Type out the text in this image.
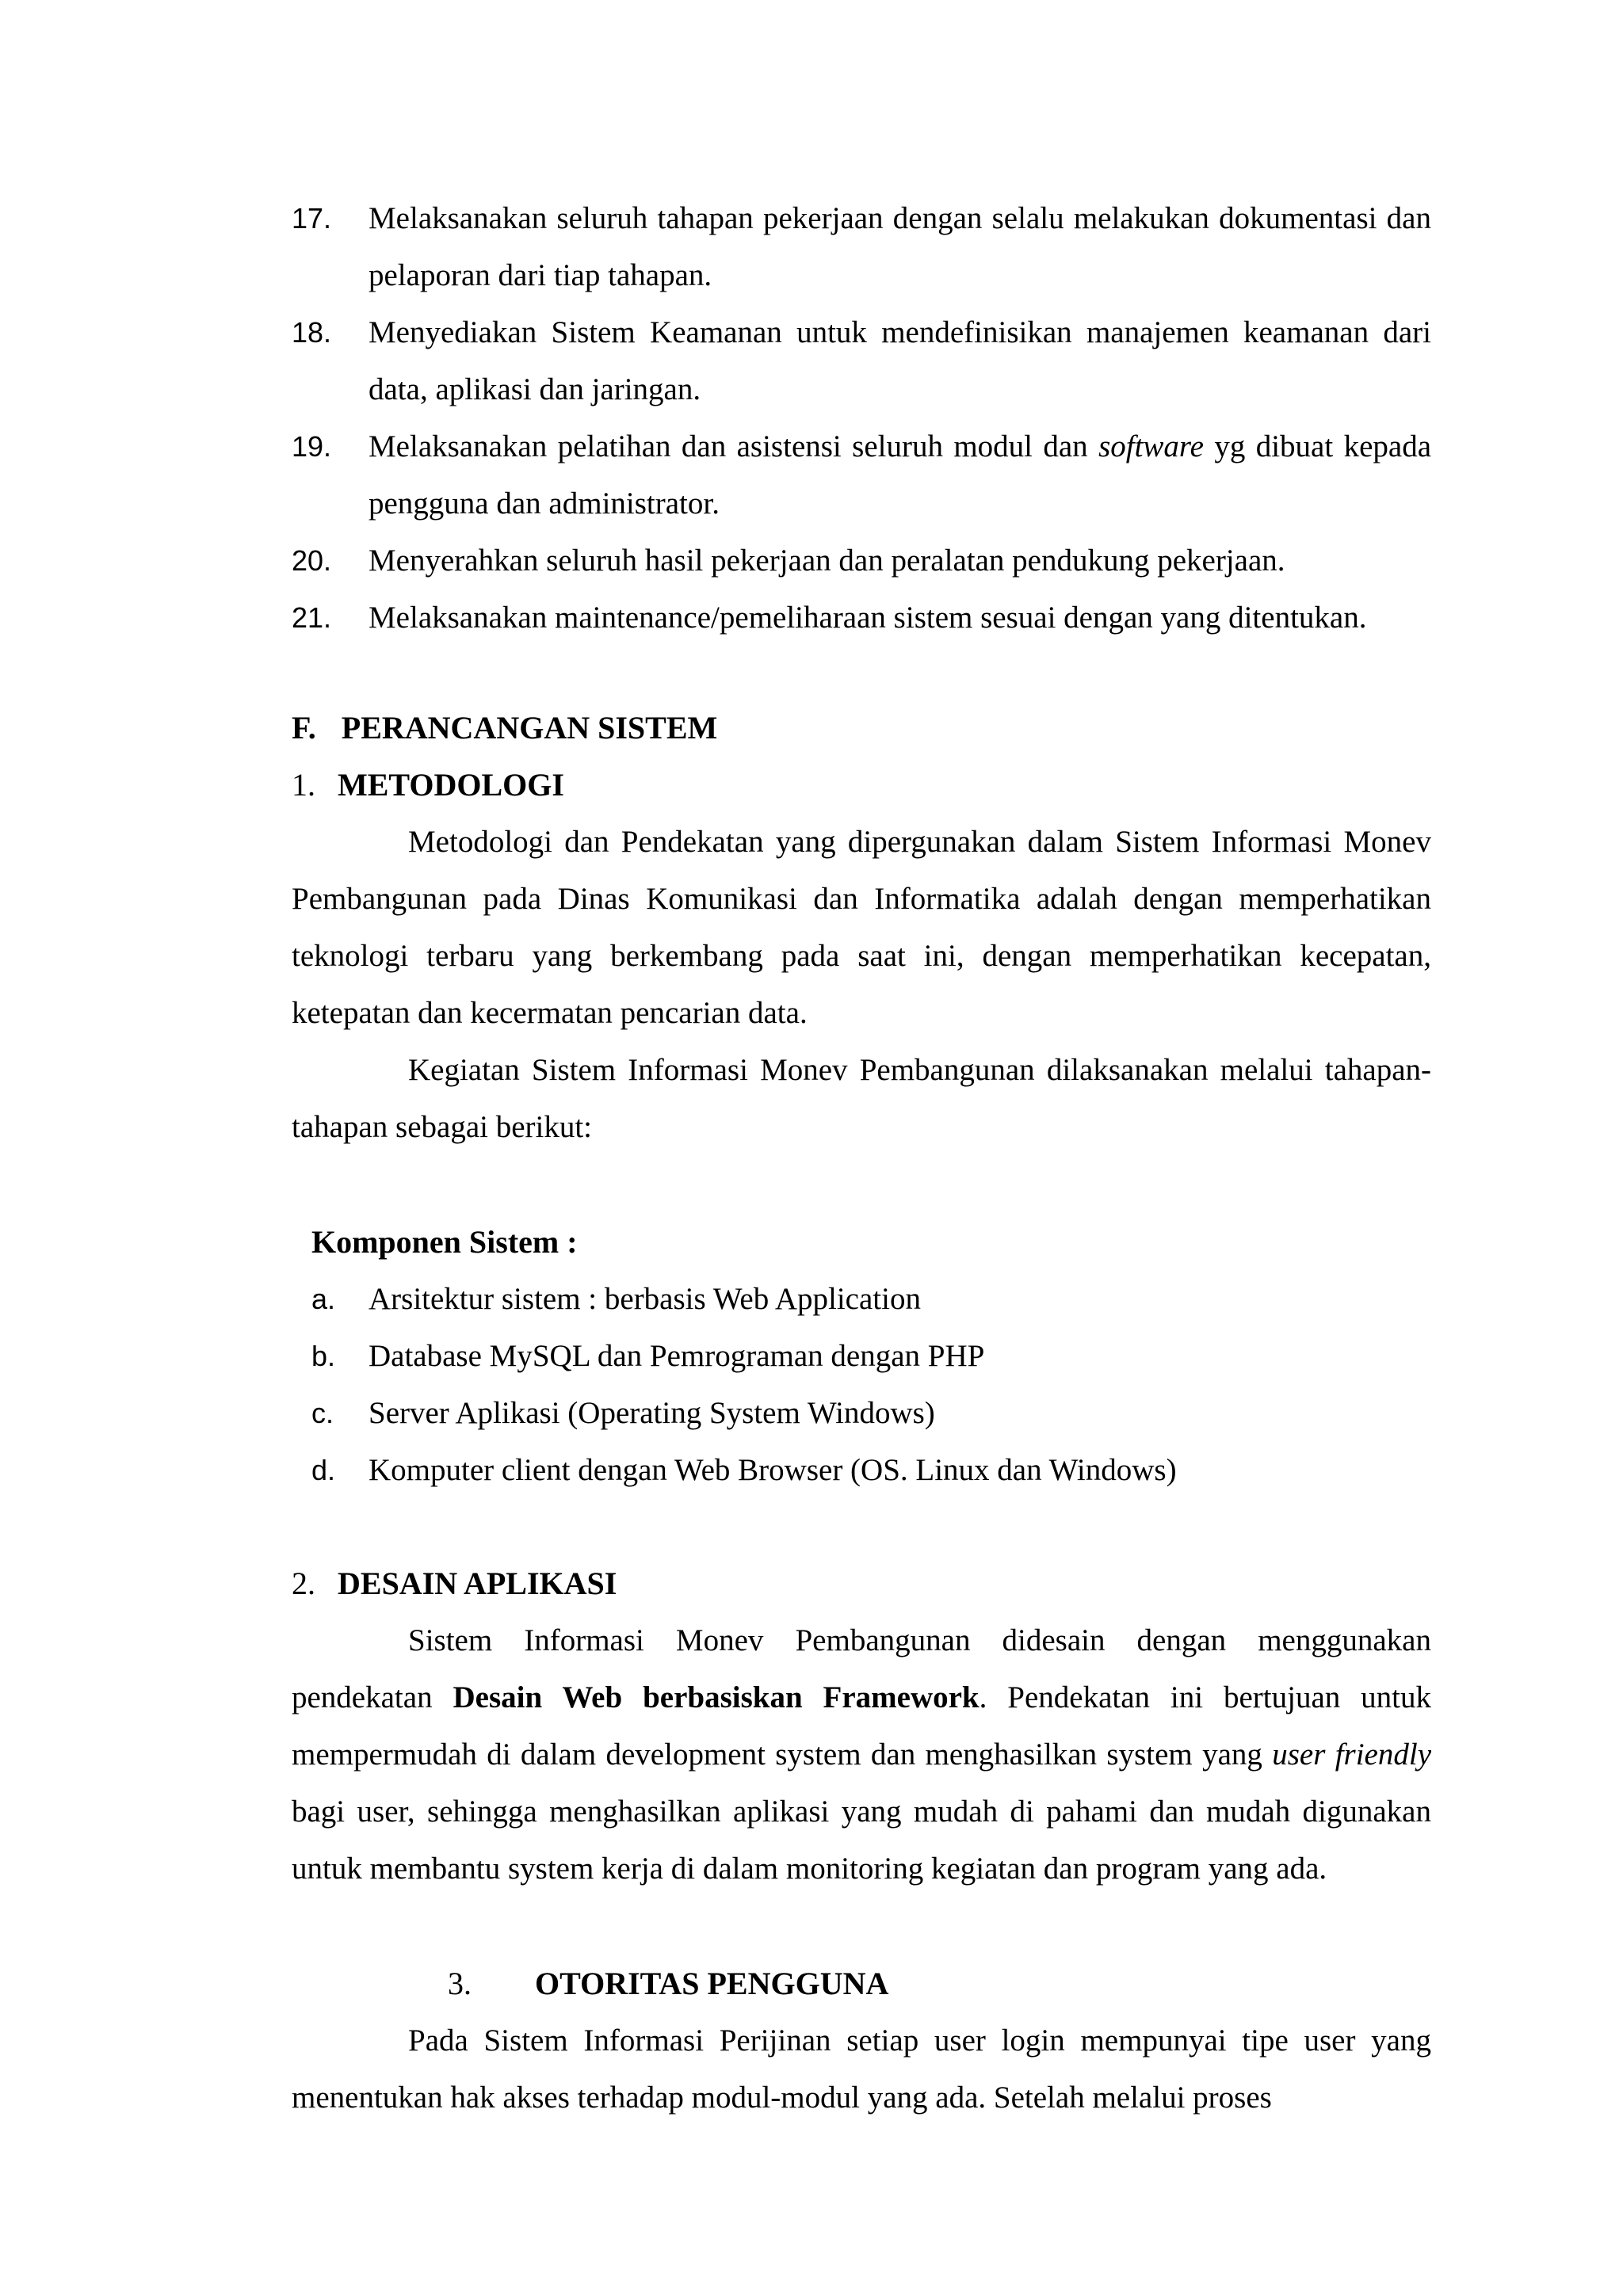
17. Melaksanakan seluruh tahapan pekerjaan dengan selalu melakukan dokumentasi dan pelaporan dari tiap tahapan.
18. Menyediakan Sistem Keamanan untuk mendefinisikan manajemen keamanan dari data, aplikasi dan jaringan.
19. Melaksanakan pelatihan dan asistensi seluruh modul dan software yg dibuat kepada pengguna dan administrator.
20. Menyerahkan seluruh hasil pekerjaan dan peralatan pendukung pekerjaan.
21. Melaksanakan maintenance/pemeliharaan sistem sesuai dengan yang ditentukan.
F. PERANCANGAN SISTEM
1. METODOLOGI
Metodologi dan Pendekatan yang dipergunakan dalam Sistem Informasi Monev Pembangunan pada Dinas Komunikasi dan Informatika adalah dengan memperhatikan teknologi terbaru yang berkembang pada saat ini, dengan memperhatikan kecepatan, ketepatan dan kecermatan pencarian data.
Kegiatan Sistem Informasi Monev Pembangunan dilaksanakan melalui tahapan-tahapan sebagai berikut:
Komponen Sistem :
a. Arsitektur sistem : berbasis Web Application
b. Database MySQL dan Pemrograman dengan PHP
c. Server Aplikasi (Operating System Windows)
d. Komputer client dengan Web Browser (OS. Linux dan Windows)
2. DESAIN APLIKASI
Sistem Informasi Monev Pembangunan didesain dengan menggunakan pendekatan Desain Web berbasiskan Framework. Pendekatan ini bertujuan untuk mempermudah di dalam development system dan menghasilkan system yang user friendly bagi user, sehingga menghasilkan aplikasi yang mudah di pahami dan mudah digunakan untuk membantu system kerja di dalam monitoring kegiatan dan program yang ada.
3. OTORITAS PENGGUNA
Pada Sistem Informasi Perijinan setiap user login mempunyai tipe user yang menentukan hak akses terhadap modul-modul yang ada. Setelah melalui proses
